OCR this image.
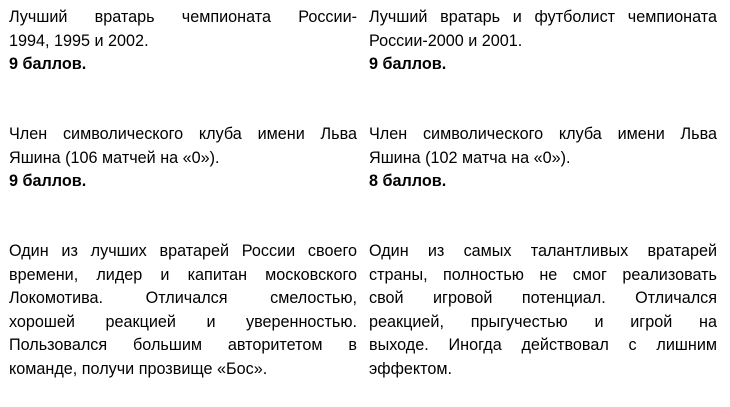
Лучший вратарь чемпионата России-
1994, 1995 и 2002.
9 баллов.
Член символического клуба имени Льва
Яшина (106 матчей на «0»).
9 баллов.
Один из лучших вратарей России своего
времени, лидер и капитан московского
Локомотива. Отличался смелостью,
хорошей реакцией и уверенностью.
Пользовался большим авторитетом в
команде, получи прозвище «Бос».
Лучший вратарь и футболист чемпионата
России-2000 и 2001.
9 баллов.
Член символического клуба имени Льва
Яшина (102 матча на «0»).
8 баллов.
Один из самых талантливых вратарей
страны, полностью не смог реализовать
свой игровой потенциал. Отличался
реакцией, прыгучестью и игрой на
выходе. Иногда действовал с лишним
эффектом.
